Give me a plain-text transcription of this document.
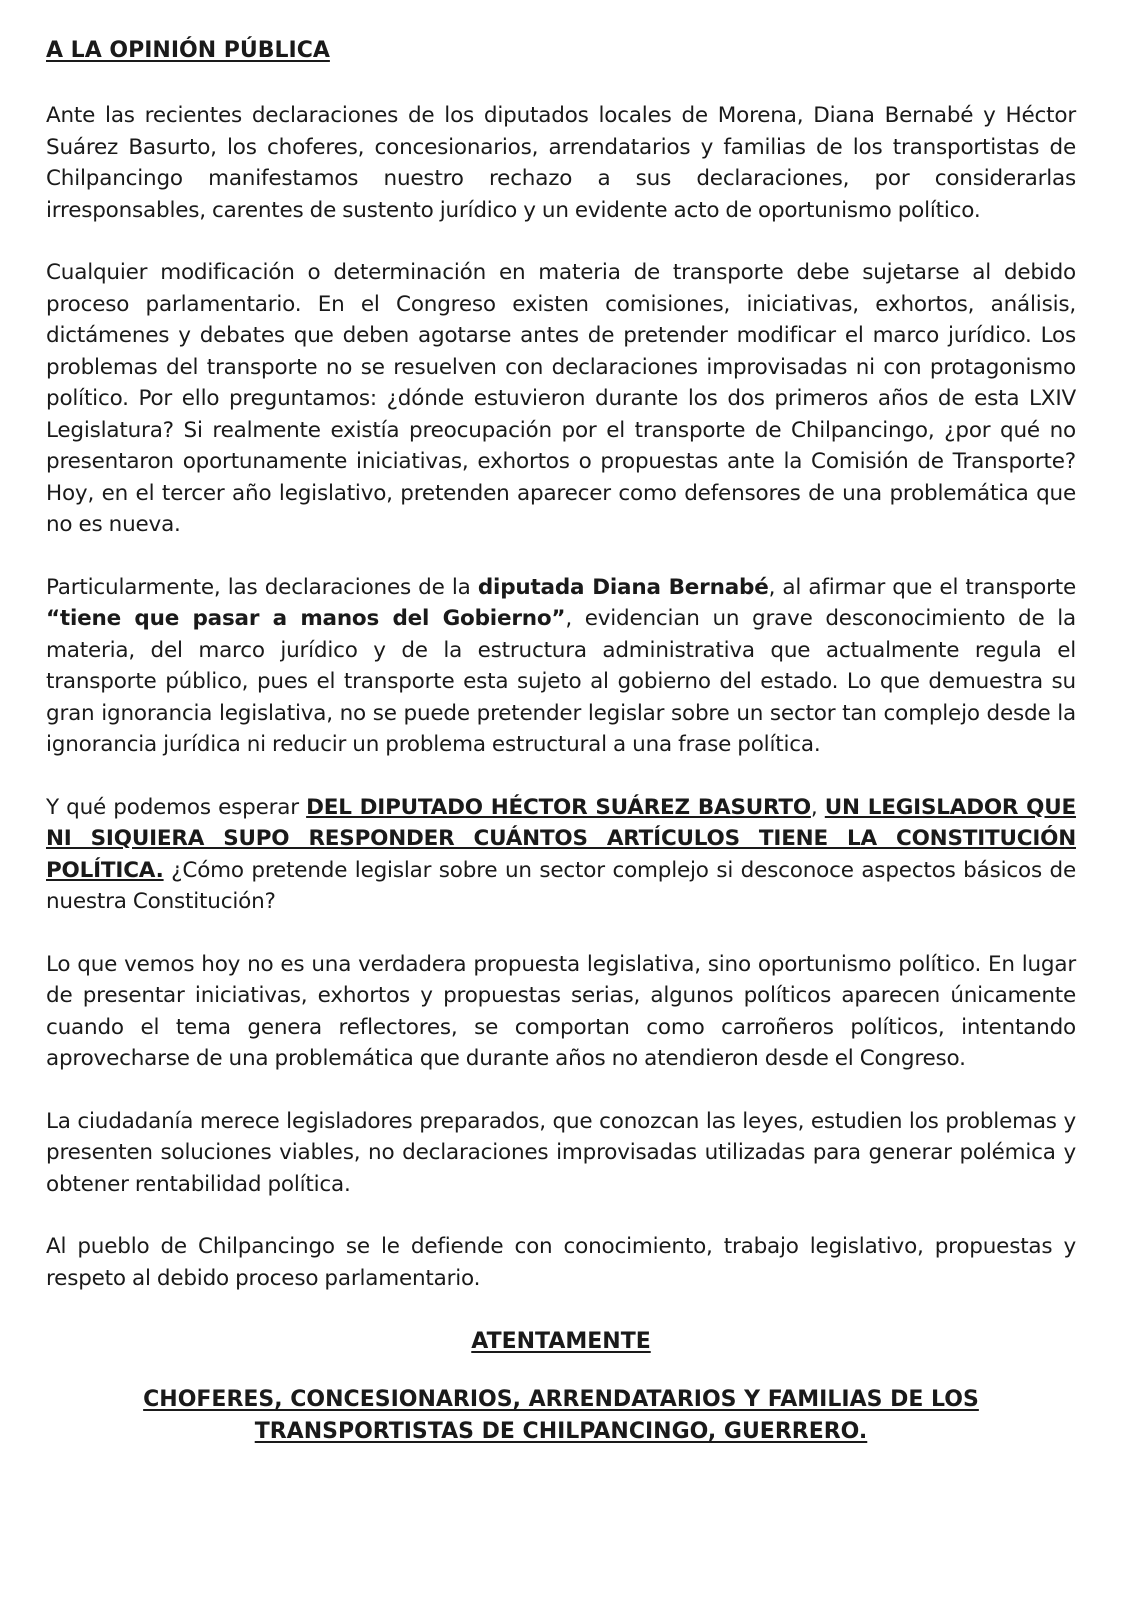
A LA OPINIÓN PÚBLICA

Ante las recientes declaraciones de los diputados locales de Morena, Diana Bernabé y Héctor Suárez Basurto, los choferes, concesionarios, arrendatarios y familias de los transportistas de Chilpancingo manifestamos nuestro rechazo a sus declaraciones, por considerarlas irresponsables, carentes de sustento jurídico y un evidente acto de oportunismo político.

Cualquier modificación o determinación en materia de transporte debe sujetarse al debido proceso parlamentario. En el Congreso existen comisiones, iniciativas, exhortos, análisis, dictámenes y debates que deben agotarse antes de pretender modificar el marco jurídico. Los problemas del transporte no se resuelven con declaraciones improvisadas ni con protagonismo político. Por ello preguntamos: ¿dónde estuvieron durante los dos primeros años de esta LXIV Legislatura? Si realmente existía preocupación por el transporte de Chilpancingo, ¿por qué no presentaron oportunamente iniciativas, exhortos o propuestas ante la Comisión de Transporte? Hoy, en el tercer año legislativo, pretenden aparecer como defensores de una problemática que no es nueva.

Particularmente, las declaraciones de la diputada Diana Bernabé, al afirmar que el transporte “tiene que pasar a manos del Gobierno”, evidencian un grave desconocimiento de la materia, del marco jurídico y de la estructura administrativa que actualmente regula el transporte público, pues el transporte esta sujeto al gobierno del estado. Lo que demuestra su gran ignorancia legislativa, no se puede pretender legislar sobre un sector tan complejo desde la ignorancia jurídica ni reducir un problema estructural a una frase política.

Y qué podemos esperar DEL DIPUTADO HÉCTOR SUÁREZ BASURTO, UN LEGISLADOR QUE NI SIQUIERA SUPO RESPONDER CUÁNTOS ARTÍCULOS TIENE LA CONSTITUCIÓN POLÍTICA. ¿Cómo pretende legislar sobre un sector complejo si desconoce aspectos básicos de nuestra Constitución?

Lo que vemos hoy no es una verdadera propuesta legislativa, sino oportunismo político. En lugar de presentar iniciativas, exhortos y propuestas serias, algunos políticos aparecen únicamente cuando el tema genera reflectores, se comportan como carroñeros políticos, intentando aprovecharse de una problemática que durante años no atendieron desde el Congreso.

La ciudadanía merece legisladores preparados, que conozcan las leyes, estudien los problemas y presenten soluciones viables, no declaraciones improvisadas utilizadas para generar polémica y obtener rentabilidad política.

Al pueblo de Chilpancingo se le defiende con conocimiento, trabajo legislativo, propuestas y respeto al debido proceso parlamentario.

ATENTAMENTE

CHOFERES, CONCESIONARIOS, ARRENDATARIOS Y FAMILIAS DE LOS
TRANSPORTISTAS DE CHILPANCINGO, GUERRERO.
